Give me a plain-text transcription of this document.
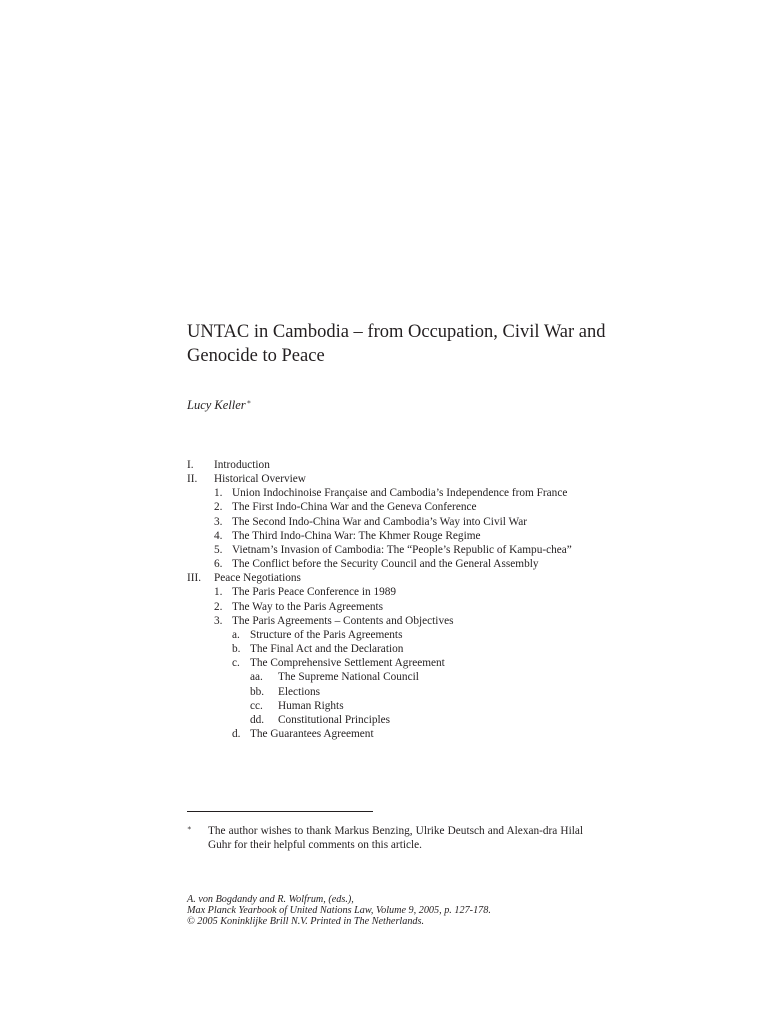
UNTAC in Cambodia – from Occupation, Civil War and Genocide to Peace
Lucy Keller∗
I. Introduction
II. Historical Overview
1. Union Indochinoise Française and Cambodia’s Independence from France
2. The First Indo-China War and the Geneva Conference
3. The Second Indo-China War and Cambodia’s Way into Civil War
4. The Third Indo-China War: The Khmer Rouge Regime
5. Vietnam’s Invasion of Cambodia: The “People’s Republic of Kampu-chea”
6. The Conflict before the Security Council and the General Assembly
III. Peace Negotiations
1. The Paris Peace Conference in 1989
2. The Way to the Paris Agreements
3. The Paris Agreements – Contents and Objectives
a. Structure of the Paris Agreements
b. The Final Act and the Declaration
c. The Comprehensive Settlement Agreement
aa. The Supreme National Council
bb. Elections
cc. Human Rights
dd. Constitutional Principles
d. The Guarantees Agreement
∗ The author wishes to thank Markus Benzing, Ulrike Deutsch and Alexan-dra Hilal Guhr for their helpful comments on this article.
A. von Bogdandy and R. Wolfrum, (eds.),
Max Planck Yearbook of United Nations Law, Volume 9, 2005, p. 127-178.
© 2005 Koninklijke Brill N.V. Printed in The Netherlands.
